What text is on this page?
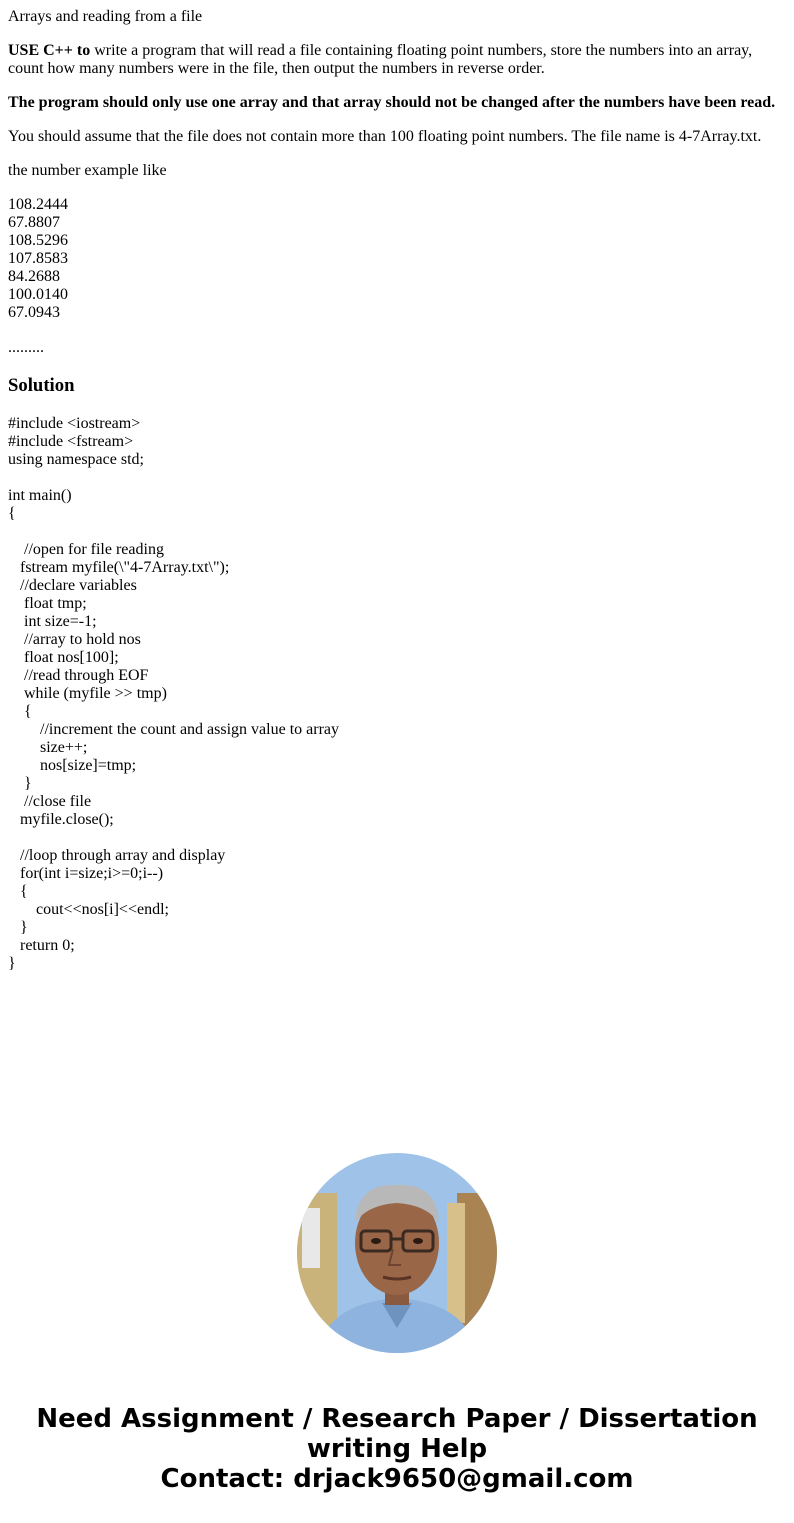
Arrays and reading from a file

USE C++ to write a program that will read a file containing floating point numbers, store the numbers into an array, count how many numbers were in the file, then output the numbers in reverse order.

The program should only use one array and that array should not be changed after the numbers have been read.

You should assume that the file does not contain more than 100 floating point numbers. The file name is 4-7Array.txt.

the number example like

108.2444
67.8807
108.5296
107.8583
84.2688
100.0140
67.0943

.........

Solution
#include <iostream>
#include <fstream>
using namespace std;
int main()
{
//open for file reading
fstream myfile(\"4-7Array.txt\");
//declare variables
float tmp;
int size=-1;
//array to hold nos
float nos[100];
//read through EOF
while (myfile >> tmp)
{
//increment the count and assign value to array
size++;
nos[size]=tmp;
}
//close file
myfile.close();
//loop through array and display
for(int i=size;i>=0;i--)
{
cout<<nos[i]<<endl;
}
return 0;
}
Need Assignment / Research Paper / Dissertation
writing Help
Contact: drjack9650@gmail.com
